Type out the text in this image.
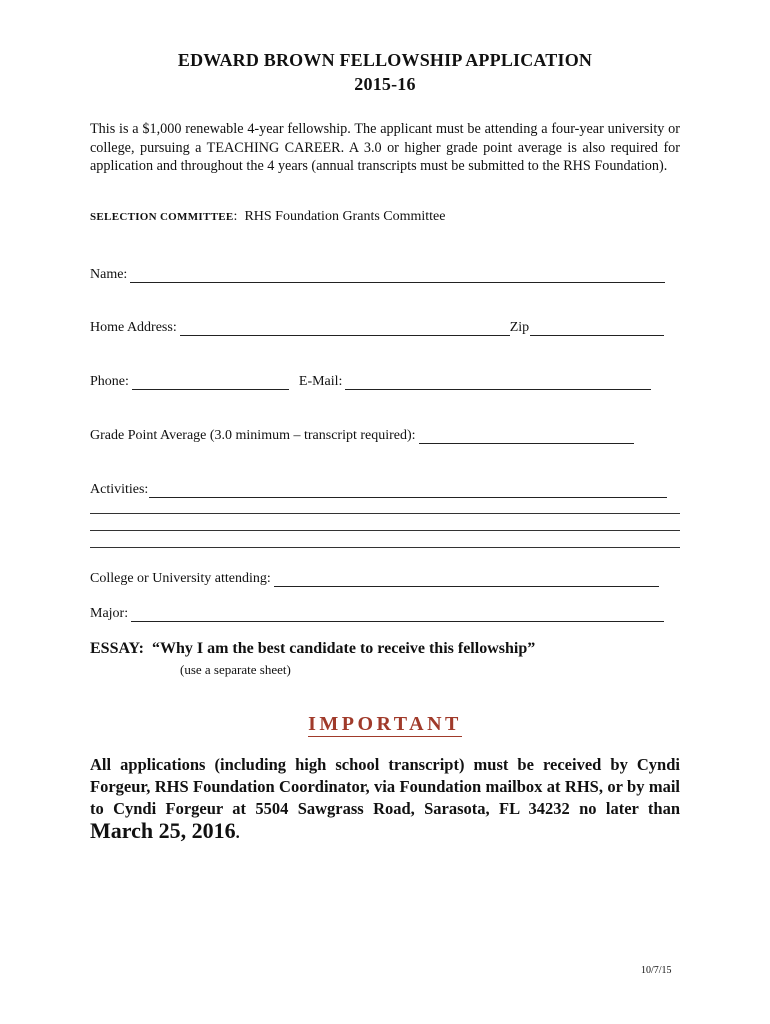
EDWARD BROWN FELLOWSHIP APPLICATION
2015-16
This is a $1,000 renewable 4-year fellowship. The applicant must be attending a four-year university or college, pursuing a TEACHING CAREER. A 3.0 or higher grade point average is also required for application and throughout the 4 years (annual transcripts must be submitted to the RHS Foundation).
SELECTION COMMITTEE:  RHS Foundation Grants Committee
Name:
Home Address:	Zip
Phone:	E-Mail:
Grade Point Average (3.0 minimum – transcript required):
Activities:
College or University attending:
Major:
ESSAY: “Why I am the best candidate to receive this fellowship”
(use a separate sheet)
IMPORTANT
All applications (including high school transcript) must be received by Cyndi Forgeur, RHS Foundation Coordinator, via Foundation mailbox at RHS, or by mail to Cyndi Forgeur at 5504 Sawgrass Road, Sarasota, FL 34232 no later than March 25, 2016.
10/7/15
